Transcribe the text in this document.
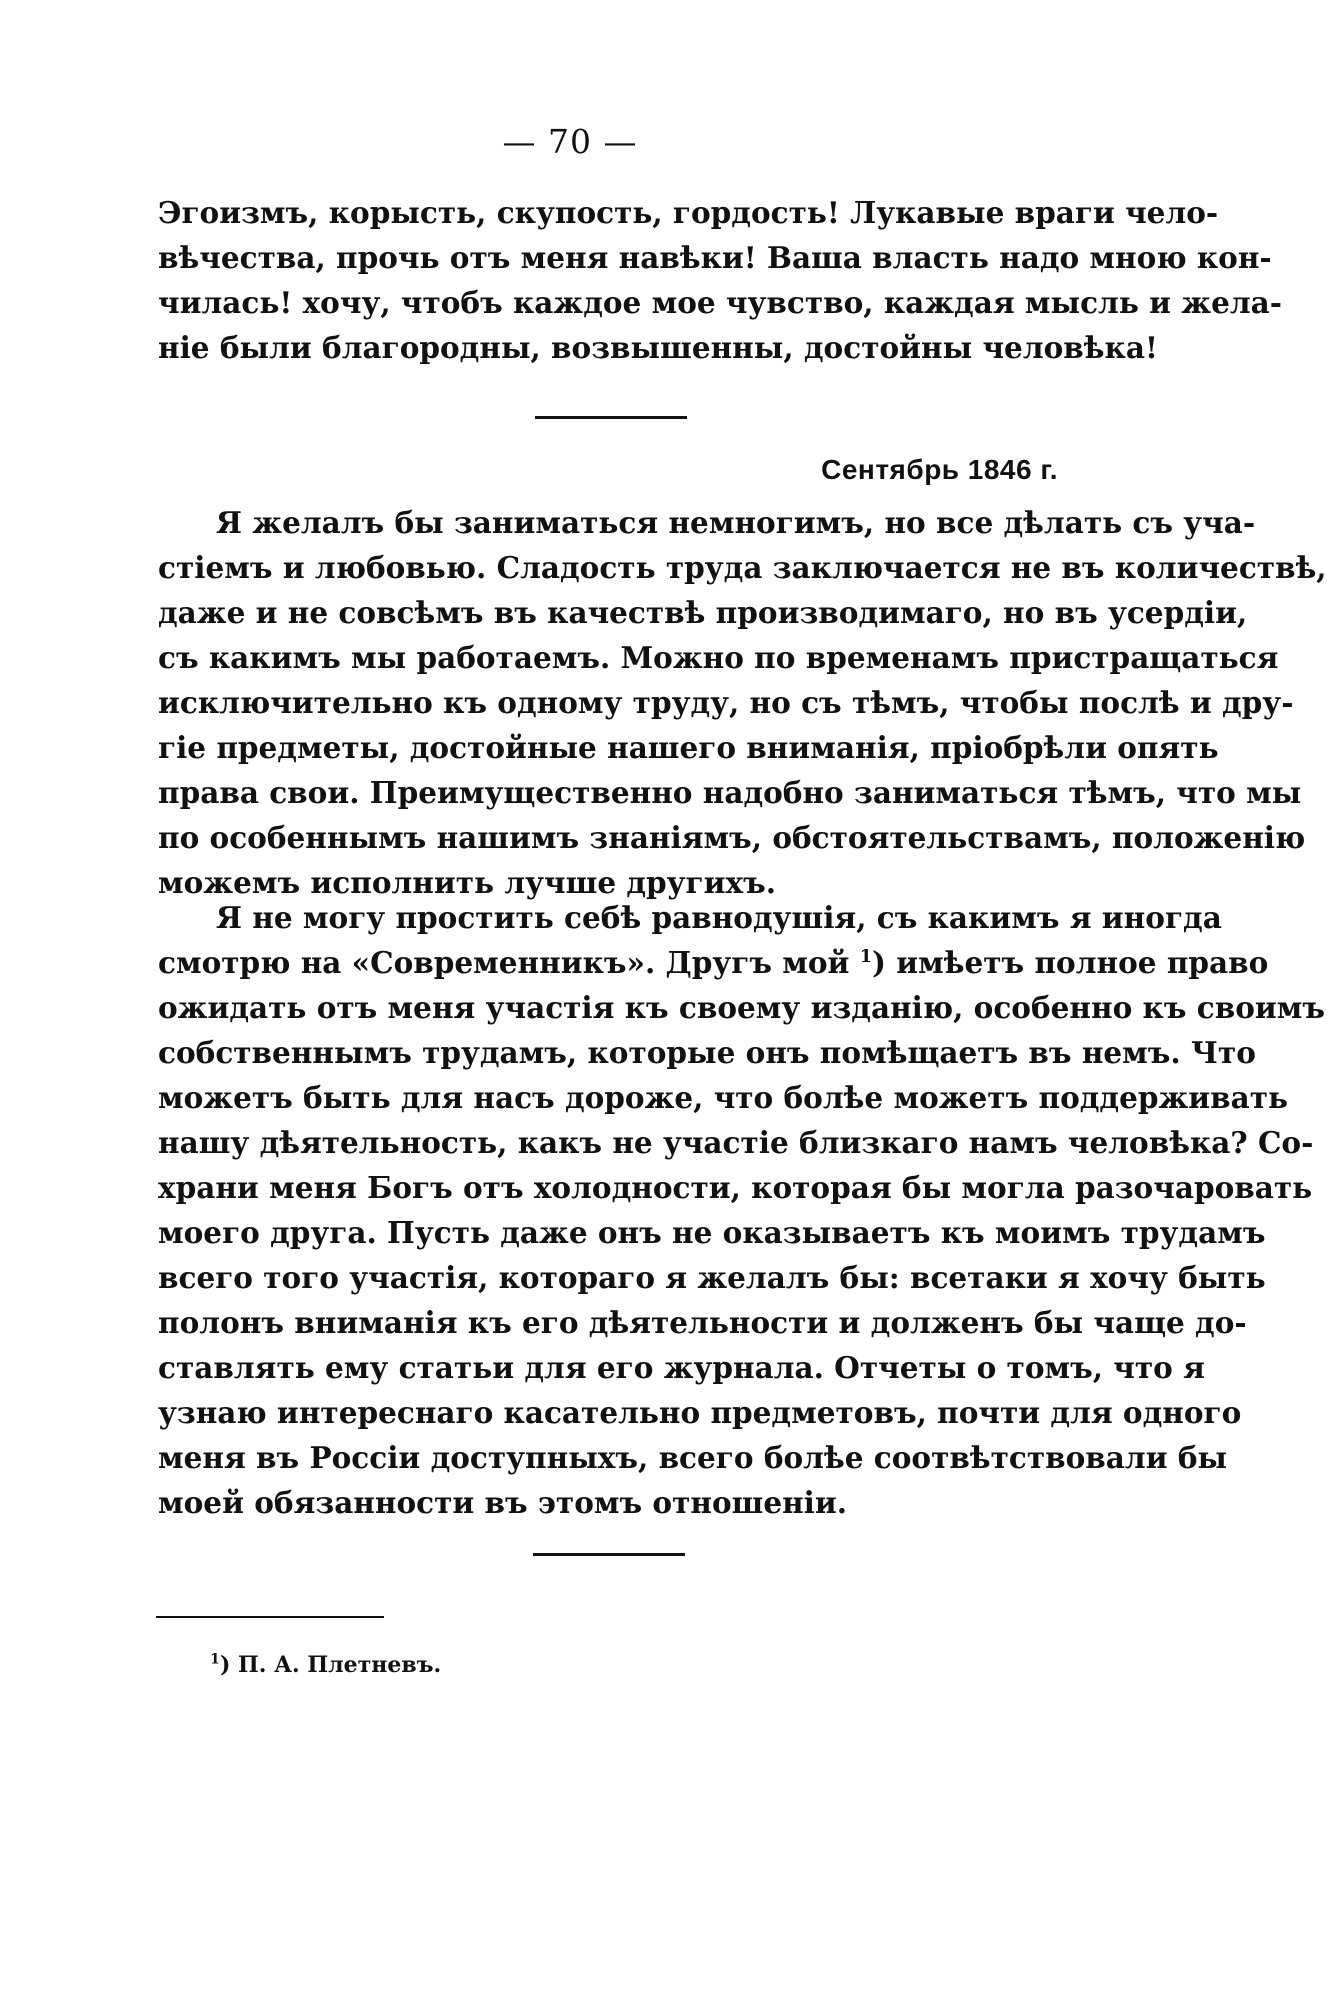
— 70 —
Эгоизмъ, корысть, скупость, гордость! Лукавые враги чело-
вѣчества, прочь отъ меня навѣки! Ваша власть надо мною кон-
чилась! хочу, чтобъ каждое мое чувство, каждая мысль и жела-
ніе были благородны, возвышенны, достойны человѣка!
Сентябрь 1846 г.
Я желалъ бы заниматься немногимъ, но все дѣлать съ уча-
стіемъ и любовью. Сладость труда заключается не въ количествѣ,
даже и не совсѣмъ въ качествѣ производимаго, но въ усердіи,
съ какимъ мы работаемъ. Можно по временамъ пристращаться
исключительно къ одному труду, но съ тѣмъ, чтобы послѣ и дру-
гіе предметы, достойные нашего вниманія, пріобрѣли опять
права свои. Преимущественно надобно заниматься тѣмъ, что мы
по особеннымъ нашимъ знаніямъ, обстоятельствамъ, положенію
можемъ исполнить лучше другихъ.
Я не могу простить себѣ равнодушія, съ какимъ я иногда
смотрю на «Современникъ». Другъ мой $^1$) имѣетъ полное право
ожидать отъ меня участія къ своему изданію, особенно къ своимъ
собственнымъ трудамъ, которые онъ помѣщаетъ въ немъ. Что
можетъ быть для насъ дороже, что болѣе можетъ поддерживать
нашу дѣятельность, какъ не участіе близкаго намъ человѣка? Со-
храни меня Богъ отъ холодности, которая бы могла разочаровать
моего друга. Пусть даже онъ не оказываетъ къ моимъ трудамъ
всего того участія, котораго я желалъ бы: всетаки я хочу быть
полонъ вниманія къ его дѣятельности и долженъ бы чаще до-
ставлять ему статьи для его журнала. Отчеты о томъ, что я
узнаю интереснаго касательно предметовъ, почти для одного
меня въ Россіи доступныхъ, всего болѣе соотвѣтствовали бы
моей обязанности въ этомъ отношеніи.
$^1$) П. А. Плетневъ.
